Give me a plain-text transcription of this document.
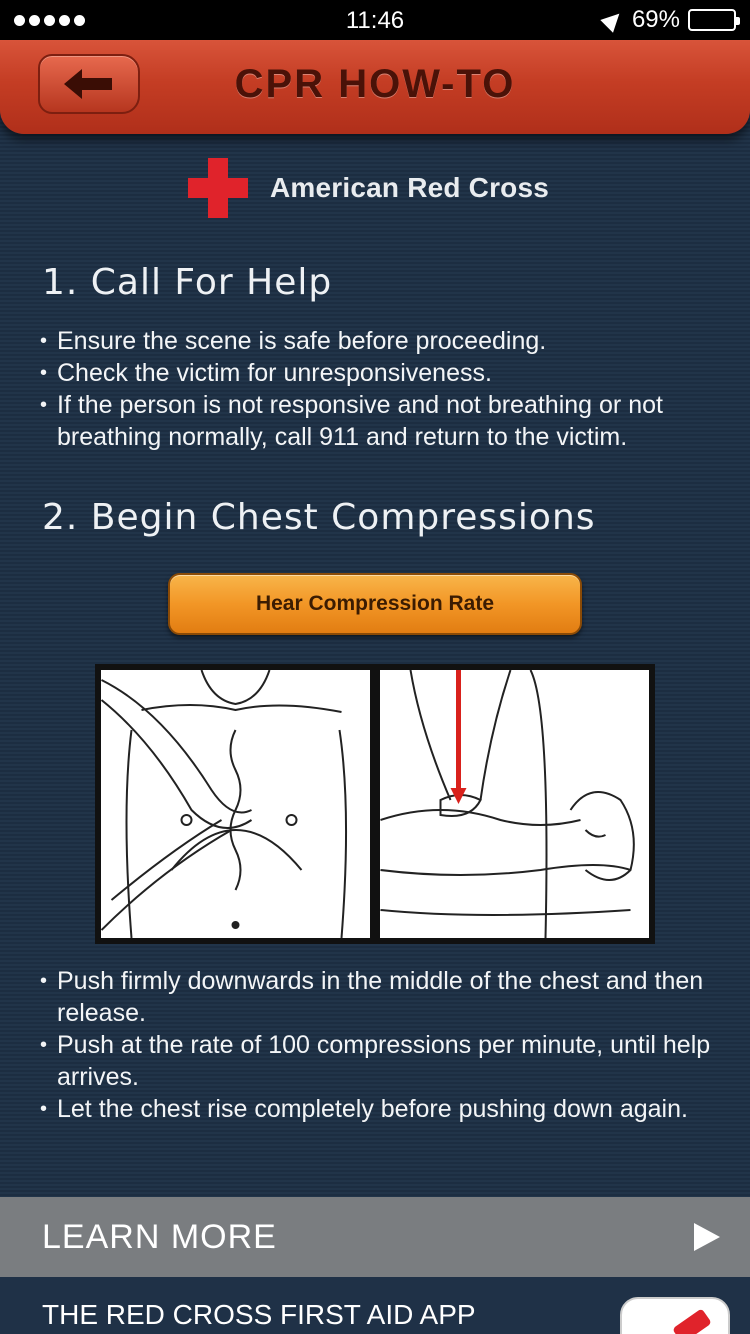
11:46	69%
CPR HOW-TO
American Red Cross
1. Call For Help
• Ensure the scene is safe before proceeding.
• Check the victim for unresponsiveness.
• If the person is not responsive and not breathing or not breathing normally, call 911 and return to the victim.
2. Begin Chest Compressions
Hear Compression Rate
• Push firmly downwards in the middle of the chest and then release.
• Push at the rate of 100 compressions per minute, until help arrives.
• Let the chest rise completely before pushing down again.
LEARN MORE
THE RED CROSS FIRST AID APP
